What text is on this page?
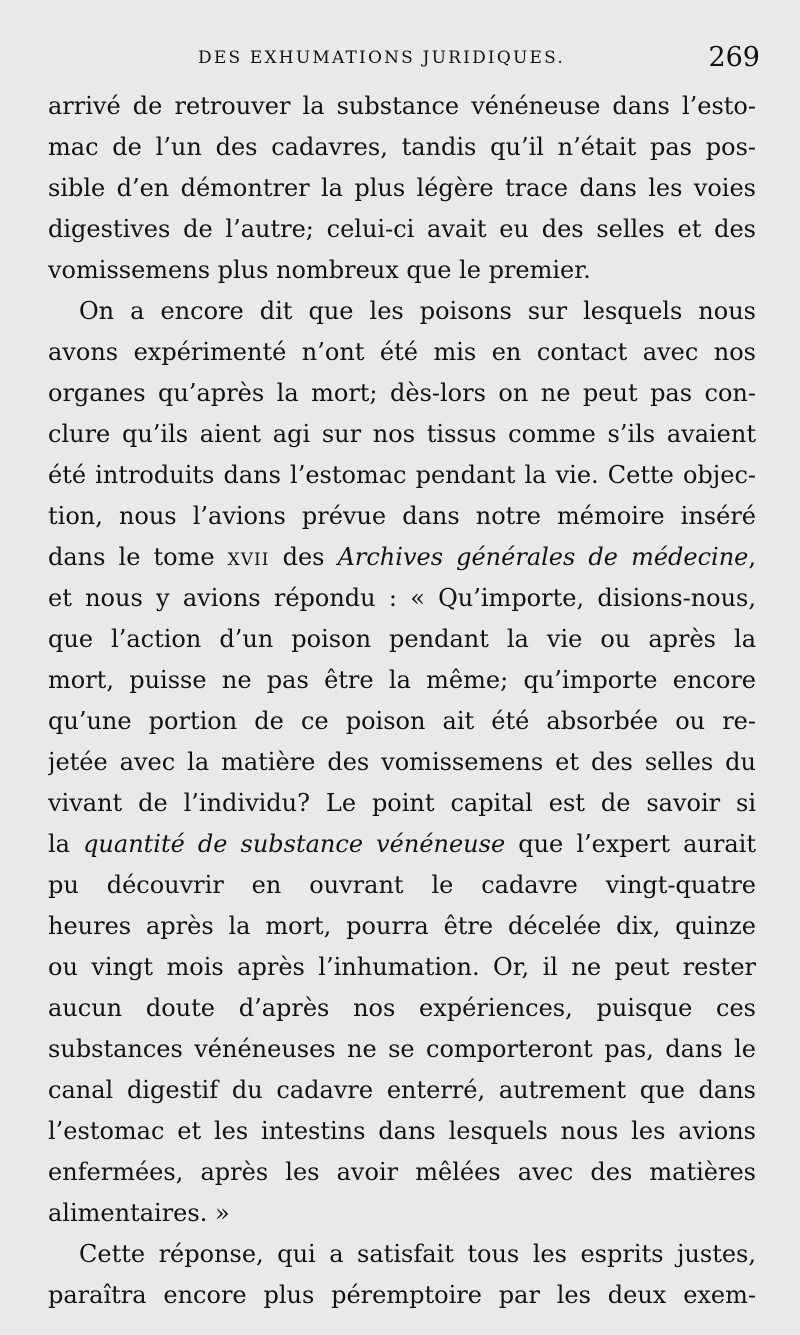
DES EXHUMATIONS JURIDIQUES.	269
arrivé de retrouver la substance vénéneuse dans l’esto-
mac de l’un des cadavres, tandis qu’il n’était pas pos-
sible d’en démontrer la plus légère trace dans les voies
digestives de l’autre; celui-ci avait eu des selles et des
vomissemens plus nombreux que le premier.
On a encore dit que les poisons sur lesquels nous
avons expérimenté n’ont été mis en contact avec nos
organes qu’après la mort; dès-lors on ne peut pas con-
clure qu’ils aient agi sur nos tissus comme s’ils avaient
été introduits dans l’estomac pendant la vie. Cette objec-
tion, nous l’avions prévue dans notre mémoire inséré
dans le tome xvii des Archives générales de médecine,
et nous y avions répondu : « Qu’importe, disions-nous,
que l’action d’un poison pendant la vie ou après la
mort, puisse ne pas être la même; qu’importe encore
qu’une portion de ce poison ait été absorbée ou re-
jetée avec la matière des vomissemens et des selles du
vivant de l’individu? Le point capital est de savoir si
la quantité de substance vénéneuse que l’expert aurait
pu découvrir en ouvrant le cadavre vingt-quatre
heures après la mort, pourra être décelée dix, quinze
ou vingt mois après l’inhumation. Or, il ne peut rester
aucun doute d’après nos expériences, puisque ces
substances vénéneuses ne se comporteront pas, dans le
canal digestif du cadavre enterré, autrement que dans
l’estomac et les intestins dans lesquels nous les avions
enfermées, après les avoir mêlées avec des matières
alimentaires. »
Cette réponse, qui a satisfait tous les esprits justes,
paraîtra encore plus péremptoire par les deux exem-
